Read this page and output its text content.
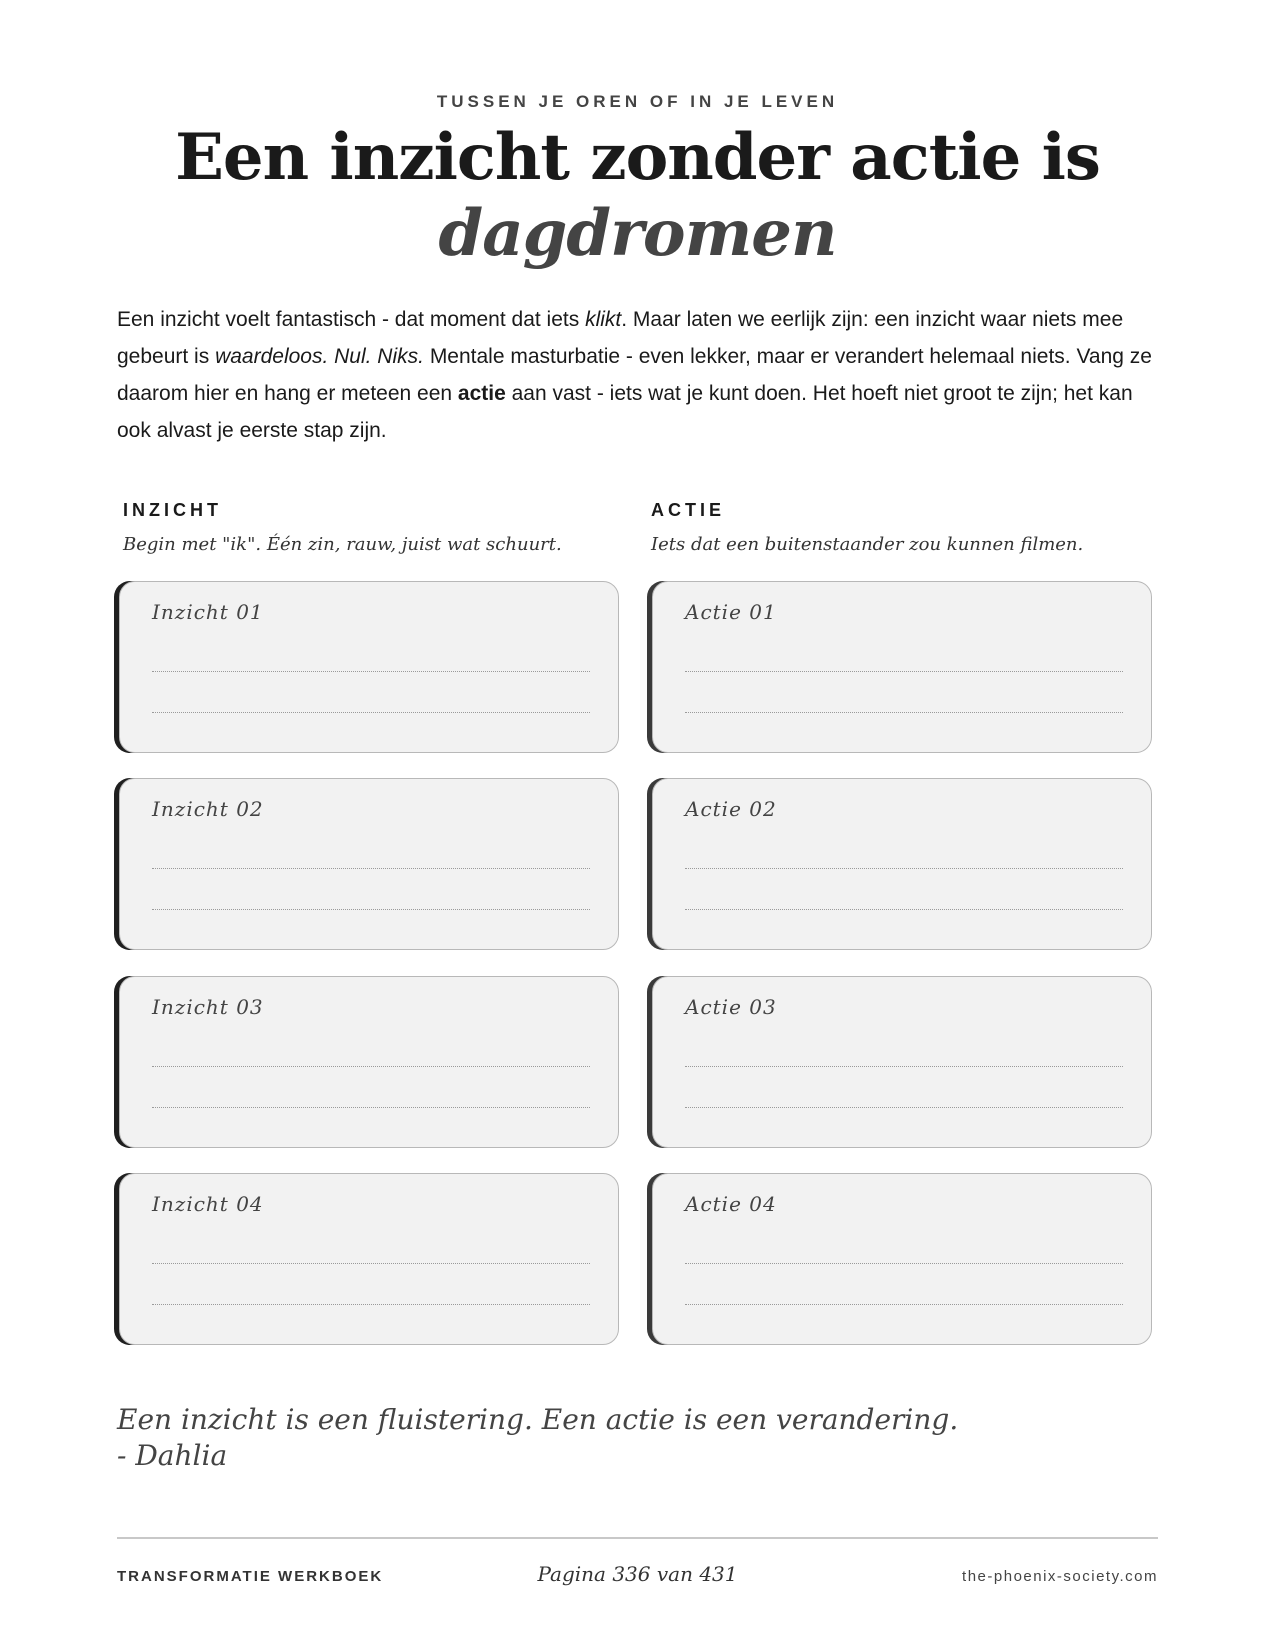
TUSSEN JE OREN OF IN JE LEVEN
Een inzicht zonder actie is
dagdromen

Een inzicht voelt fantastisch - dat moment dat iets klikt. Maar laten we eerlijk zijn: een inzicht waar niets mee gebeurt is waardeloos. Nul. Niks. Mentale masturbatie - even lekker, maar er verandert helemaal niets. Vang ze daarom hier en hang er meteen een actie aan vast - iets wat je kunt doen. Het hoeft niet groot te zijn; het kan ook alvast je eerste stap zijn.

INZICHT
Begin met "ik". Één zin, rauw, juist wat schuurt.
ACTIE
Iets dat een buitenstaander zou kunnen filmen.
Inzicht 01
Inzicht 02
Inzicht 03
Inzicht 04
Actie 01
Actie 02
Actie 03
Actie 04

Een inzicht is een fluistering. Een actie is een verandering.
- Dahlia

TRANSFORMATIE WERKBOEK	Pagina 336 van 431	the-phoenix-society.com
